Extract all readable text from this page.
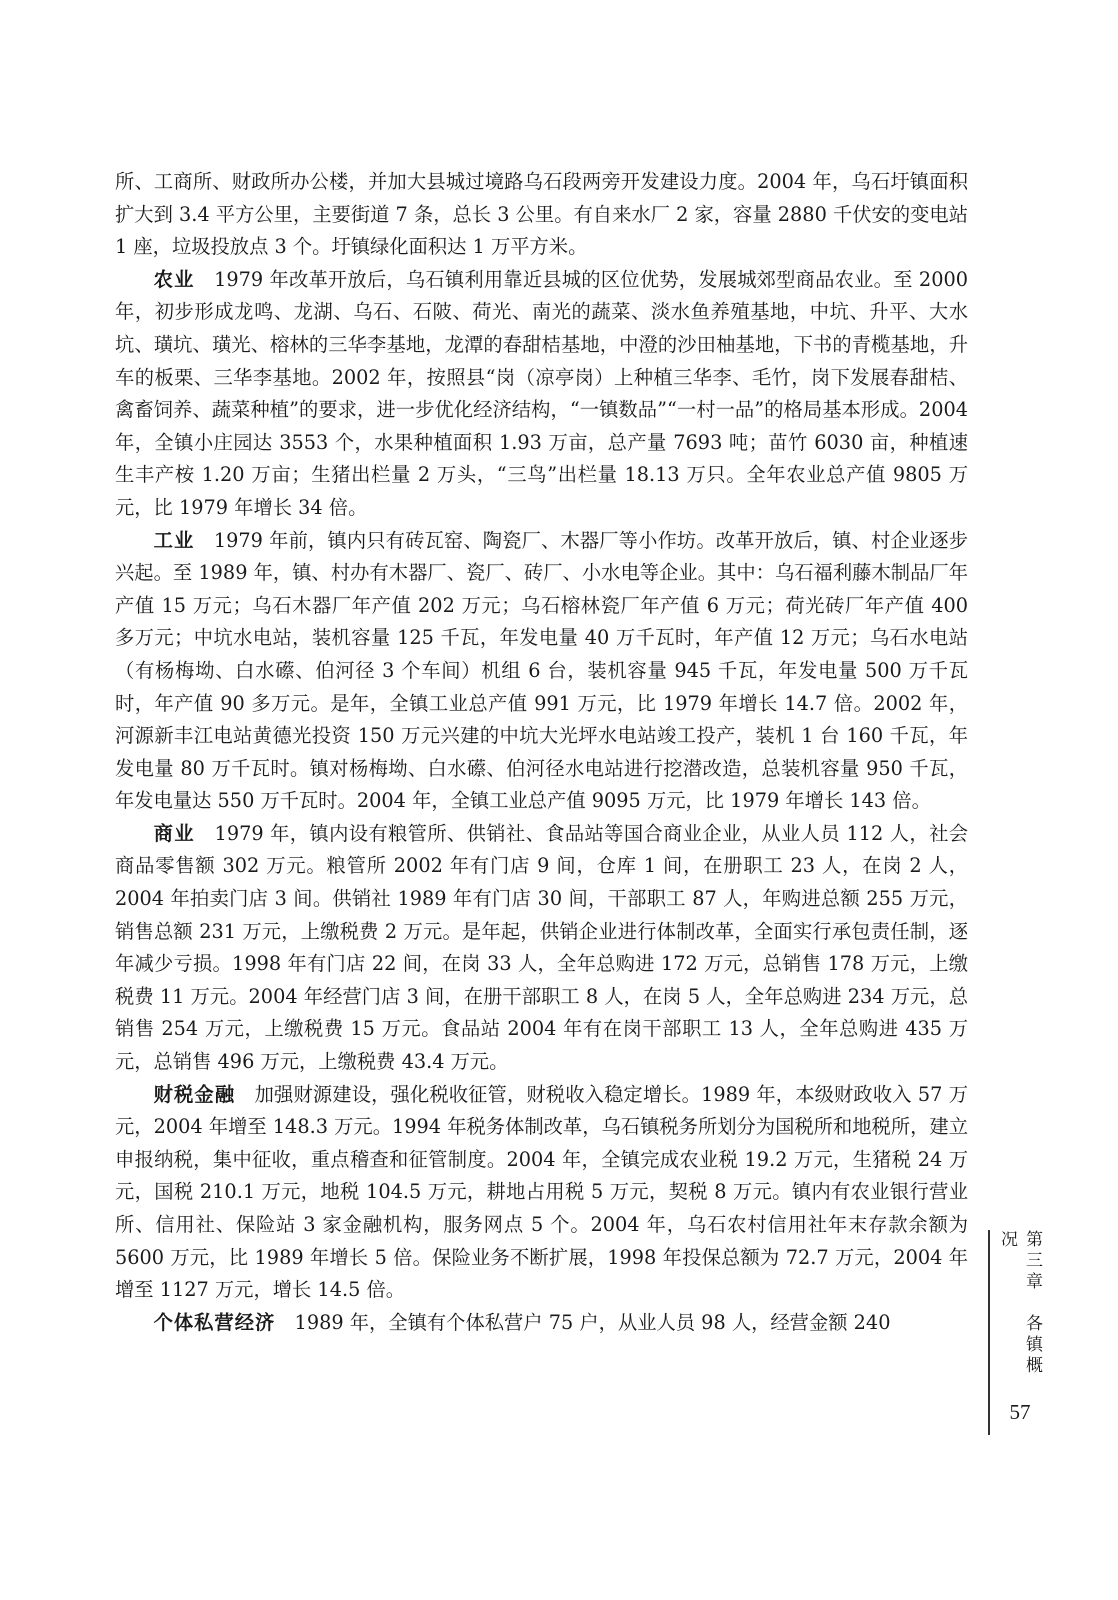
所、工商所、财政所办公楼，并加大县城过境路乌石段两旁开发建设力度。2004 年，乌石圩镇面积扩大到 3.4 平方公里，主要街道 7 条，总长 3 公里。有自来水厂 2 家，容量 2880 千伏安的变电站 1 座，垃圾投放点 3 个。圩镇绿化面积达 1 万平方米。

农业　1979 年改革开放后，乌石镇利用靠近县城的区位优势，发展城郊型商品农业。至 2000 年，初步形成龙鸣、龙湖、乌石、石陂、荷光、南光的蔬菜、淡水鱼养殖基地，中坑、升平、大水坑、璜坑、璜光、榕林的三华李基地，龙潭的春甜桔基地，中澄的沙田柚基地，下书的青榄基地，升车的板栗、三华李基地。2002 年，按照县“岗（凉亭岗）上种植三华李、毛竹，岗下发展春甜桔、禽畜饲养、蔬菜种植”的要求，进一步优化经济结构，“一镇数品”“一村一品”的格局基本形成。2004 年，全镇小庄园达 3553 个，水果种植面积 1.93 万亩，总产量 7693 吨；苗竹 6030 亩，种植速生丰产桉 1.20 万亩；生猪出栏量 2 万头，“三鸟”出栏量 18.13 万只。全年农业总产值 9805 万元，比 1979 年增长 34 倍。

工业　1979 年前，镇内只有砖瓦窑、陶瓷厂、木器厂等小作坊。改革开放后，镇、村企业逐步兴起。至 1989 年，镇、村办有木器厂、瓷厂、砖厂、小水电等企业。其中：乌石福利藤木制品厂年产值 15 万元；乌石木器厂年产值 202 万元；乌石榕林瓷厂年产值 6 万元；荷光砖厂年产值 400 多万元；中坑水电站，装机容量 125 千瓦，年发电量 40 万千瓦时，年产值 12 万元；乌石水电站（有杨梅坳、白水礤、伯河径 3 个车间）机组 6 台，装机容量 945 千瓦，年发电量 500 万千瓦时，年产值 90 多万元。是年，全镇工业总产值 991 万元，比 1979 年增长 14.7 倍。2002 年，河源新丰江电站黄德光投资 150 万元兴建的中坑大光坪水电站竣工投产，装机 1 台 160 千瓦，年发电量 80 万千瓦时。镇对杨梅坳、白水礤、伯河径水电站进行挖潜改造，总装机容量 950 千瓦，年发电量达 550 万千瓦时。2004 年，全镇工业总产值 9095 万元，比 1979 年增长 143 倍。

商业　1979 年，镇内设有粮管所、供销社、食品站等国合商业企业，从业人员 112 人，社会商品零售额 302 万元。粮管所 2002 年有门店 9 间，仓库 1 间，在册职工 23 人，在岗 2 人，2004 年拍卖门店 3 间。供销社 1989 年有门店 30 间，干部职工 87 人，年购进总额 255 万元，销售总额 231 万元，上缴税费 2 万元。是年起，供销企业进行体制改革，全面实行承包责任制，逐年减少亏损。1998 年有门店 22 间，在岗 33 人，全年总购进 172 万元，总销售 178 万元，上缴税费 11 万元。2004 年经营门店 3 间，在册干部职工 8 人，在岗 5 人，全年总购进 234 万元，总销售 254 万元，上缴税费 15 万元。食品站 2004 年有在岗干部职工 13 人，全年总购进 435 万元，总销售 496 万元，上缴税费 43.4 万元。

财税金融　加强财源建设，强化税收征管，财税收入稳定增长。1989 年，本级财政收入 57 万元，2004 年增至 148.3 万元。1994 年税务体制改革，乌石镇税务所划分为国税所和地税所，建立申报纳税，集中征收，重点稽查和征管制度。2004 年，全镇完成农业税 19.2 万元，生猪税 24 万元，国税 210.1 万元，地税 104.5 万元，耕地占用税 5 万元，契税 8 万元。镇内有农业银行营业所、信用社、保险站 3 家金融机构，服务网点 5 个。2004 年，乌石农村信用社年末存款余额为 5600 万元，比 1989 年增长 5 倍。保险业务不断扩展，1998 年投保总额为 72.7 万元，2004 年增至 1127 万元，增长 14.5 倍。

个体私营经济　1989 年，全镇有个体私营户 75 户，从业人员 98 人，经营金额 240	第三章　各镇概况
57
